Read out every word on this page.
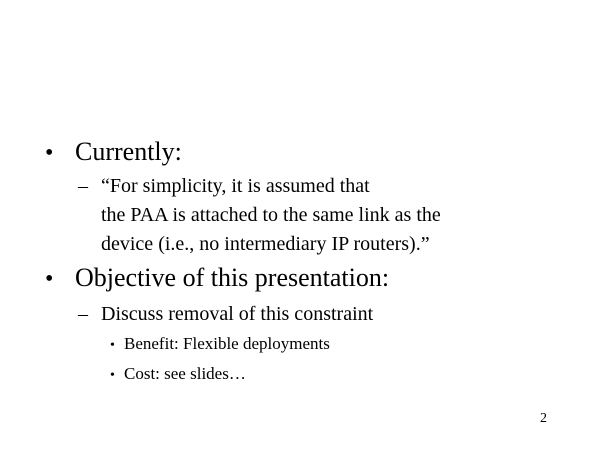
• Currently:
– “For simplicity, it is assumed that
the PAA is attached to the same link as the
device (i.e., no intermediary IP routers).”
• Objective of this presentation:
– Discuss removal of this constraint
• Benefit: Flexible deployments
• Cost: see slides…
2
